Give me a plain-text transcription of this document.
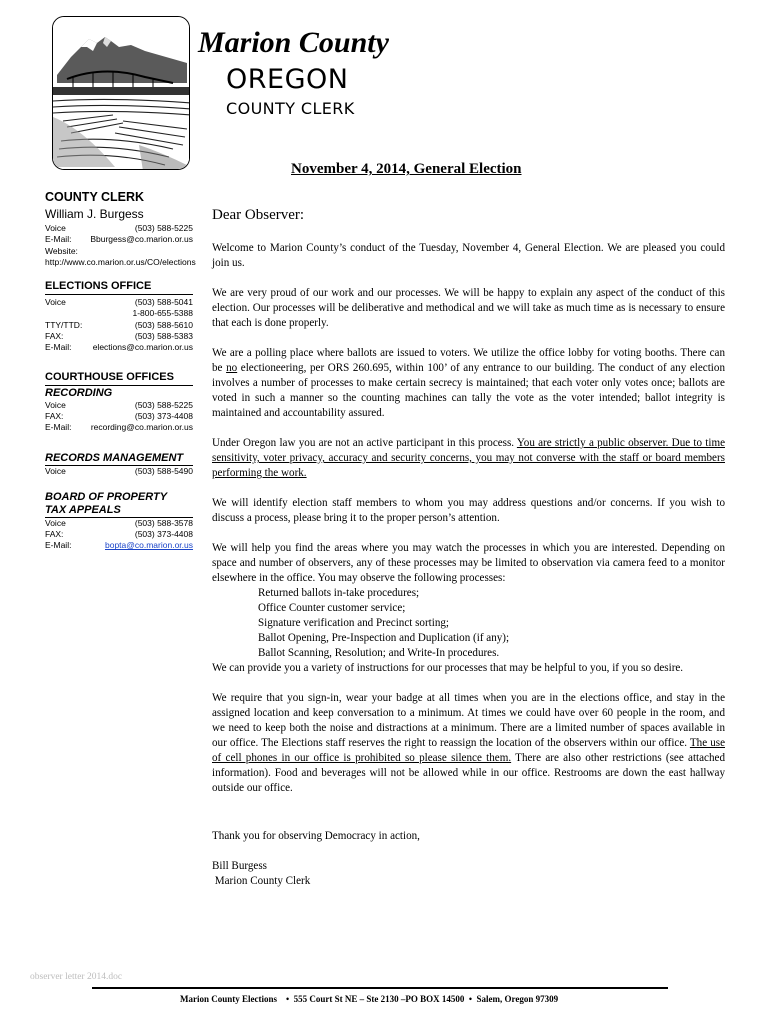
Marion County
OREGON
COUNTY CLERK
November 4, 2014, General Election
COUNTY CLERK
William J. Burgess
Voice	(503) 588-5225
E-Mail: Bburgess@co.marion.or.us
Website:
http://www.co.marion.or.us/CO/elections
ELECTIONS OFFICE
Voice	(503) 588-5041
1-800-655-5388
TTY/TTD:	(503) 588-5610
FAX:	(503) 588-5383
E-Mail:	elections@co.marion.or.us
COURTHOUSE OFFICES
RECORDING
Voice	(503) 588-5225
FAX:	(503) 373-4408
E-Mail: recording@co.marion.or.us
RECORDS MANAGEMENT
Voice	(503) 588-5490
BOARD OF PROPERTY
TAX APPEALS
Voice	(503) 588-3578
FAX:	(503) 373-4408
E-Mail:	bopta@co.marion.or.us
Dear Observer:

Welcome to Marion County’s conduct of the Tuesday, November 4, General Election. We are pleased you could join us.

We are very proud of our work and our processes. We will be happy to explain any aspect of the conduct of this election. Our processes will be deliberative and methodical and we will take as much time as is necessary to ensure that each is done properly.

We are a polling place where ballots are issued to voters. We utilize the office lobby for voting booths. There can be no electioneering, per ORS 260.695, within 100’ of any entrance to our building. The conduct of any election involves a number of processes to make certain secrecy is maintained; that each voter only votes once; ballots are voted in such a manner so the counting machines can tally the vote as the voter intended; ballot integrity is maintained and accountability assured.

Under Oregon law you are not an active participant in this process. You are strictly a public observer. Due to time sensitivity, voter privacy, accuracy and security concerns, you may not converse with the staff or board members performing the work.

We will identify election staff members to whom you may address questions and/or concerns. If you wish to discuss a process, please bring it to the proper person’s attention.

We will help you find the areas where you may watch the processes in which you are interested. Depending on space and number of observers, any of these processes may be limited to observation via camera feed to a monitor elsewhere in the office. You may observe the following processes:

Returned ballots in-take procedures;
Office Counter customer service;
Signature verification and Precinct sorting;
Ballot Opening, Pre-Inspection and Duplication (if any);
Ballot Scanning, Resolution; and Write-In procedures.

We can provide you a variety of instructions for our processes that may be helpful to you, if you so desire.

We require that you sign-in, wear your badge at all times when you are in the elections office, and stay in the assigned location and keep conversation to a minimum. At times we could have over 60 people in the room, and we need to keep both the noise and distractions at a minimum. There are a limited number of spaces available in our office. The Elections staff reserves the right to reassign the location of the observers within our office. The use of cell phones in our office is prohibited so please silence them. There are also other restrictions (see attached information). Food and beverages will not be allowed while in our office. Restrooms are down the east hallway outside our office.

Thank you for observing Democracy in action,

Bill Burgess
Marion County Clerk
observer letter 2014.doc
Marion County Elections    •  555 Court St NE – Ste 2130 –PO BOX 14500  •  Salem, Oregon 97309
